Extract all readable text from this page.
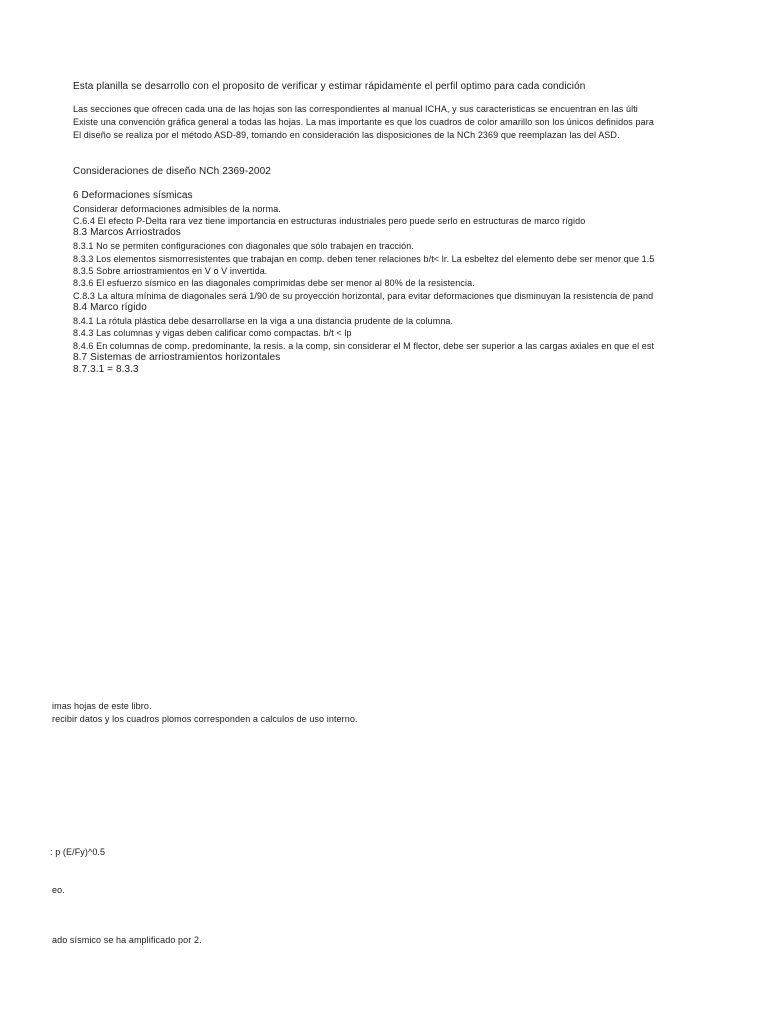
Esta planilla se desarrollo con el proposito de verificar y estimar rápidamente el perfil optimo para cada condición
Las secciones que ofrecen cada una de las hojas son las correspondientes al manual ICHA, y sus caracteristicas se encuentran en las últi
Existe una convención gráfica general a todas las hojas. La mas importante es que los cuadros de color amarillo son los únicos definidos para
El diseño se realiza por el método ASD-89, tomando en consideración las disposiciones de la NCh 2369 que reemplazan las del ASD.
Consideraciones de diseño NCh 2369-2002
6 Deformaciones sísmicas
Considerar deformaciones admisibles de la norma.
C.6.4 El efecto P-Delta rara vez tiene importancia en estructuras industriales pero puede serlo en estructuras de marco rígido
8.3 Marcos Arriostrados
8.3.1 No se permiten configuraciones con diagonales que sólo trabajen en tracción.
8.3.3 Los elementos sismorresistentes que trabajan en comp. deben tener relaciones b/t< lr. La esbeltez del elemento debe ser menor que 1.5
8.3.5 Sobre arriostramientos en V o V invertida.
8.3.6 El esfuerzo sísmico en las diagonales comprimidas debe ser menor al 80% de la resistencia.
C.8.3 La altura mínima de diagonales será 1/90 de su proyección horizontal, para evitar deformaciones que disminuyan la resistencia de pand
8.4 Marco rígido
8.4.1 La rótula plástica debe desarrollarse en la viga a una distancia prudente de la columna.
8.4.3 Las columnas y vigas deben calificar como compactas. b/t < lp
8.4.6 En columnas de comp. predominante, la resis. a la comp, sin considerar el M flector, debe ser superior a las cargas axiales en que el est
8.7 Sistemas de arriostramientos horizontales
8.7.3.1 = 8.3.3
imas hojas de este libro.
recibir datos y los cuadros plomos corresponden a calculos de uso interno.
: p (E/Fy)^0.5
eo.
ado sísmico se ha amplificado por 2.
